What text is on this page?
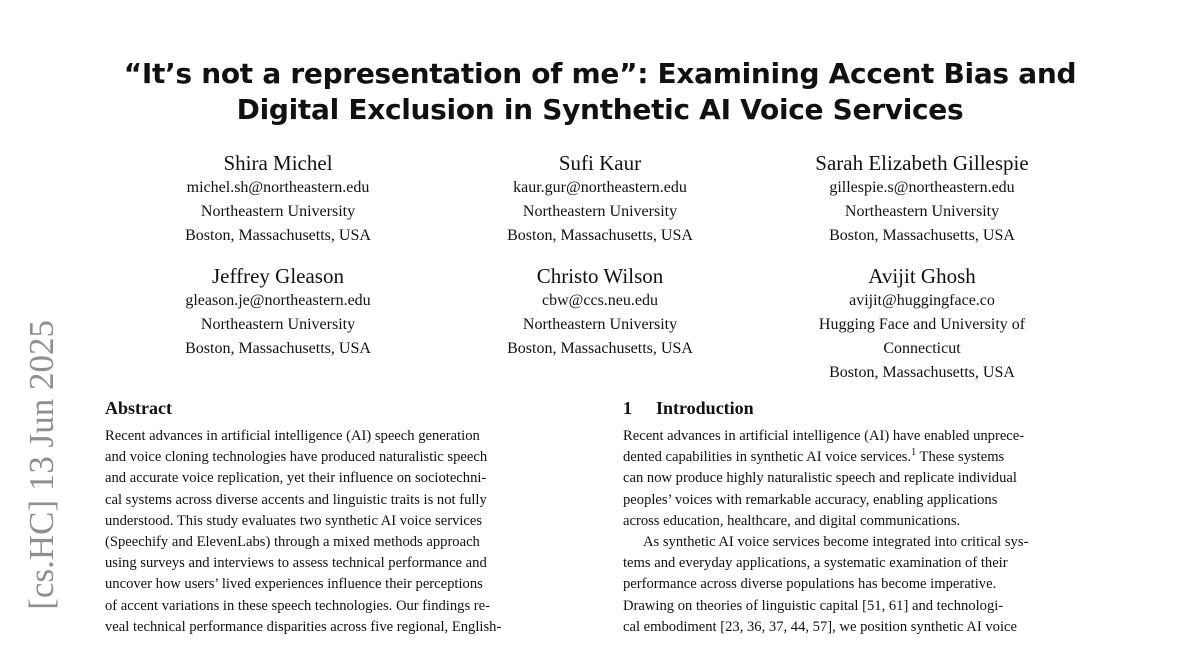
[cs.HC] 13 Jun 2025
“It’s not a representation of me”: Examining Accent Bias and
Digital Exclusion in Synthetic AI Voice Services
Shira Michel
michel.sh@northeastern.edu
Northeastern University
Boston, Massachusetts, USA
Sufi Kaur
kaur.gur@northeastern.edu
Northeastern University
Boston, Massachusetts, USA
Sarah Elizabeth Gillespie
gillespie.s@northeastern.edu
Northeastern University
Boston, Massachusetts, USA
Jeffrey Gleason
gleason.je@northeastern.edu
Northeastern University
Boston, Massachusetts, USA
Christo Wilson
cbw@ccs.neu.edu
Northeastern University
Boston, Massachusetts, USA
Avijit Ghosh
avijit@huggingface.co
Hugging Face and University of
Connecticut
Boston, Massachusetts, USA
Abstract

Recent advances in artificial intelligence (AI) speech generation
and voice cloning technologies have produced naturalistic speech
and accurate voice replication, yet their influence on sociotechni-
cal systems across diverse accents and linguistic traits is not fully
understood. This study evaluates two synthetic AI voice services
(Speechify and ElevenLabs) through a mixed methods approach
using surveys and interviews to assess technical performance and
uncover how users’ lived experiences influence their perceptions
of accent variations in these speech technologies. Our findings re-
veal technical performance disparities across five regional, English-

1 Introduction

Recent advances in artificial intelligence (AI) have enabled unprece-
dented capabilities in synthetic AI voice services.$^1$ These systems
can now produce highly naturalistic speech and replicate individual
peoples’ voices with remarkable accuracy, enabling applications
across education, healthcare, and digital communications.

As synthetic AI voice services become integrated into critical sys-
tems and everyday applications, a systematic examination of their
performance across diverse populations has become imperative.
Drawing on theories of linguistic capital [51, 61] and technologi-
cal embodiment [23, 36, 37, 44, 57], we position synthetic AI voice
